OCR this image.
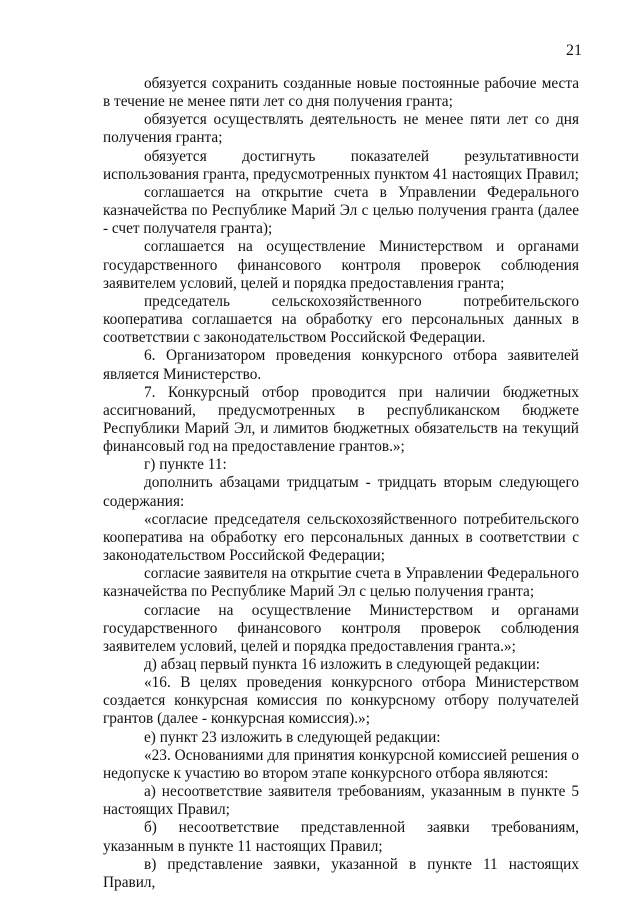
21

обязуется сохранить созданные новые постоянные рабочие места в течение не менее пяти лет со дня получения гранта;

обязуется осуществлять деятельность не менее пяти лет со дня получения гранта;

обязуется достигнуть показателей результативности использования гранта, предусмотренных пунктом 41 настоящих Правил;

соглашается на открытие счета в Управлении Федерального казначейства по Республике Марий Эл с целью получения гранта (далее - счет получателя гранта);

соглашается на осуществление Министерством и органами государственного финансового контроля проверок соблюдения заявителем условий, целей и порядка предоставления гранта;

председатель сельскохозяйственного потребительского кооператива соглашается на обработку его персональных данных в соответствии с законодательством Российской Федерации.

6. Организатором проведения конкурсного отбора заявителей является Министерство.

7. Конкурсный отбор проводится при наличии бюджетных ассигнований, предусмотренных в республиканском бюджете Республики Марий Эл, и лимитов бюджетных обязательств на текущий финансовый год на предоставление грантов.»;

г) пункте 11:

дополнить абзацами тридцатым - тридцать вторым следующего содержания:

«согласие председателя сельскохозяйственного потребительского кооператива на обработку его персональных данных в соответствии с законодательством Российской Федерации;

согласие заявителя на открытие счета в Управлении Федерального казначейства по Республике Марий Эл с целью получения гранта;

согласие на осуществление Министерством и органами государственного финансового контроля проверок соблюдения заявителем условий, целей и порядка предоставления гранта.»;

д) абзац первый пункта 16 изложить в следующей редакции:

«16. В целях проведения конкурсного отбора Министерством создается конкурсная комиссия по конкурсному отбору получателей грантов (далее - конкурсная комиссия).»;

е) пункт 23 изложить в следующей редакции:

«23. Основаниями для принятия конкурсной комиссией решения о недопуске к участию во втором этапе конкурсного отбора являются:

а) несоответствие заявителя требованиям, указанным в пункте 5 настоящих Правил;

б) несоответствие представленной заявки требованиям, указанным в пункте 11 настоящих Правил;

в) представление заявки, указанной в пункте 11 настоящих Правил,
